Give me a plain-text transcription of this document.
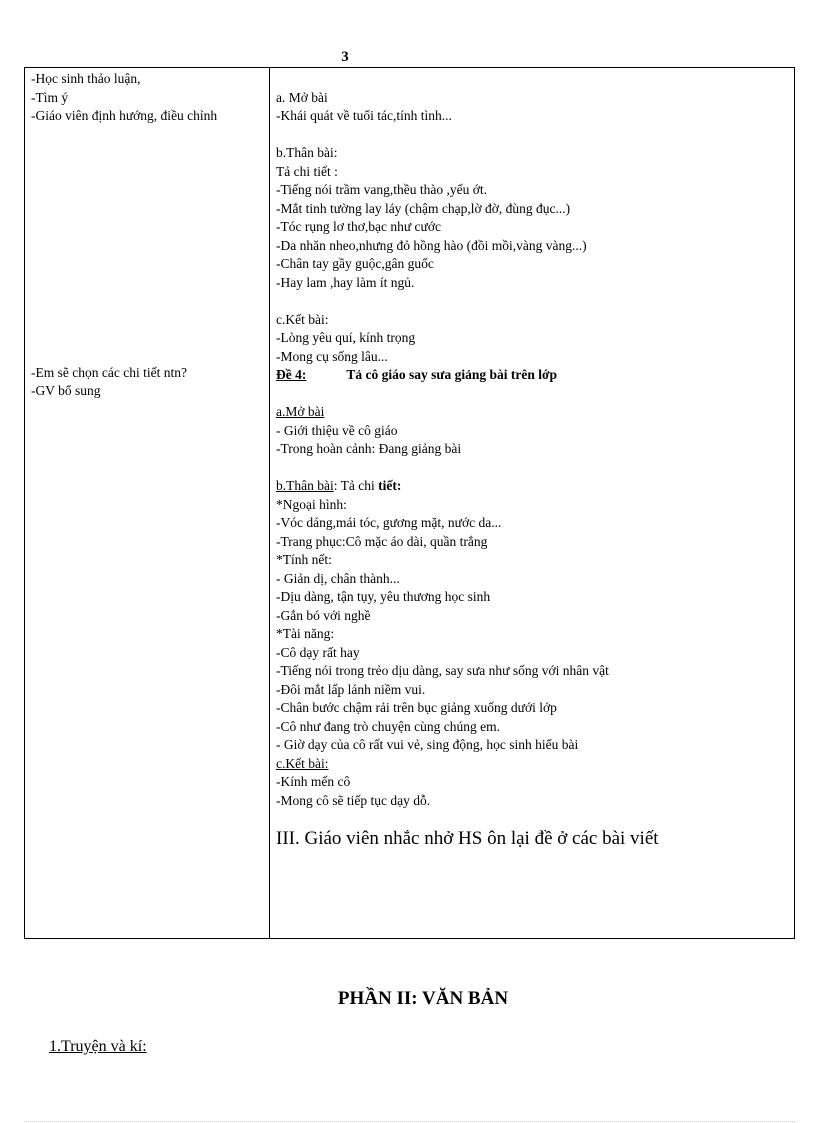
3
-Học sinh thảo luận,
-Tìm ý
-Giáo viên định hướng, điều chỉnh
-Em sẽ chọn các chi tiết ntn?
-GV bổ sung
a. Mở bài
-Khái quát về tuổi tác,tính tình...
b.Thân bài:
Tả chi tiết :
-Tiếng nói trầm vang,thều thào ,yếu ớt.
-Mắt tinh tường lay láy (chậm chạp,lờ đờ, đùng đục...)
-Tóc rụng lơ thơ,bạc như cước
-Da nhăn nheo,nhưng đỏ hồng hào (đồi mồi,vàng vàng...)
-Chân tay gầy guộc,gân guốc
-Hay lam ,hay làm ít ngủ.
c.Kết bài:
-Lòng yêu quí, kính trọng
-Mong cụ sống lâu...
Đề 4:	Tả cô giáo say sưa giảng bài trên lớp
a.Mở bài
- Giới thiệu về cô giáo
-Trong hoàn cảnh: Đang giảng bài
b.Thân bài: Tả chi tiết:
*Ngoại hình:
-Vóc dáng,mái tóc, gương mặt, nước da...
-Trang phục:Cô mặc áo dài, quần trắng
*Tính nết:
- Giản dị, chân thành...
-Dịu dàng, tận tụy, yêu thương học sinh
-Gắn bó với nghề
*Tài năng:
-Cô dạy rất hay
-Tiếng nói trong trẻo dịu dàng, say sưa như sống với nhân vật
-Đôi mắt lấp lánh niềm vui.
-Chân bước chậm rải trên bục giảng xuống dưới lớp
-Cô như đang trò chuyện cùng chúng em.
- Giờ dạy của cô rất vui vẻ, sing động, học sinh hiểu bài
c.Kết bài:
-Kính mến cô
-Mong cô sẽ tiếp tục dạy dỗ.
III. Giáo viên nhắc nhở HS ôn lại đề ở các bài viết
PHẦN II: VĂN BẢN
1.Truyện và kí:
